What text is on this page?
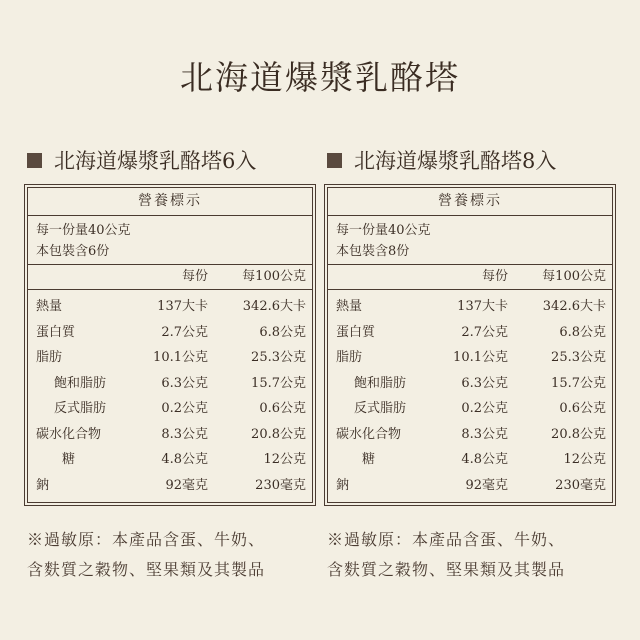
北海道爆漿乳酪塔
北海道爆漿乳酪塔6入
營養標示
每一份量40公克
本包裝含6份
每份	每100公克
熱量	137大卡	342.6大卡
蛋白質	2.7公克	6.8公克
脂肪	10.1公克	25.3公克
飽和脂肪	6.3公克	15.7公克
反式脂肪	0.2公克	0.6公克
碳水化合物	8.3公克	20.8公克
糖	4.8公克	12公克
鈉	92毫克	230毫克
※過敏原：本產品含蛋、牛奶、
含麩質之穀物、堅果類及其製品
北海道爆漿乳酪塔8入
營養標示
每一份量40公克
本包裝含8份
每份	每100公克
熱量	137大卡	342.6大卡
蛋白質	2.7公克	6.8公克
脂肪	10.1公克	25.3公克
飽和脂肪	6.3公克	15.7公克
反式脂肪	0.2公克	0.6公克
碳水化合物	8.3公克	20.8公克
糖	4.8公克	12公克
鈉	92毫克	230毫克
※過敏原：本產品含蛋、牛奶、
含麩質之穀物、堅果類及其製品
